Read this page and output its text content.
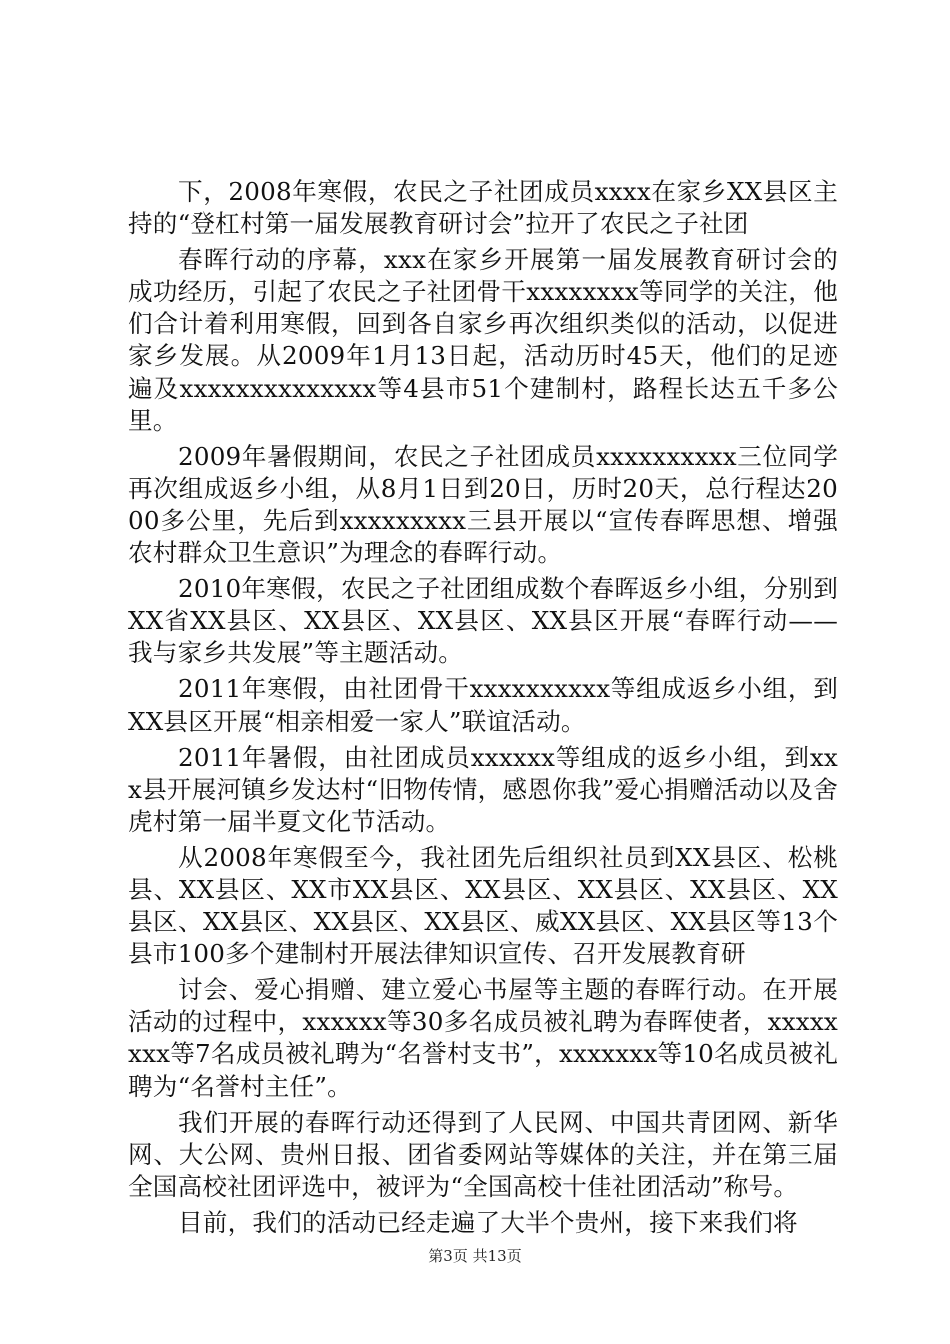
下，2008年寒假，农民之子社团成员xxxx在家乡XX县区主持的“登杠村第一届发展教育研讨会”拉开了农民之子社团

春晖行动的序幕，xxx在家乡开展第一届发展教育研讨会的成功经历，引起了农民之子社团骨干xxxxxxxx等同学的关注，他们合计着利用寒假，回到各自家乡再次组织类似的活动，以促进家乡发展。从2009年1月13日起，活动历时45天，他们的足迹遍及xxxxxxxxxxxxxx等4县市51个建制村，路程长达五千多公里。

2009年暑假期间，农民之子社团成员xxxxxxxxxx三位同学再次组成返乡小组，从8月1日到20日，历时20天，总行程达2000多公里，先后到xxxxxxxxx三县开展以“宣传春晖思想、增强农村群众卫生意识”为理念的春晖行动。

2010年寒假，农民之子社团组成数个春晖返乡小组，分别到XX省XX县区、XX县区、XX县区、XX县区开展“春晖行动——我与家乡共发展”等主题活动。

2011年寒假，由社团骨干xxxxxxxxxx等组成返乡小组，到XX县区开展“相亲相爱一家人”联谊活动。

2011年暑假，由社团成员xxxxxx等组成的返乡小组，到xxx县开展河镇乡发达村“旧物传情，感恩你我”爱心捐赠活动以及舍虎村第一届半夏文化节活动。

从2008年寒假至今，我社团先后组织社员到XX县区、松桃县、XX县区、XX市XX县区、XX县区、XX县区、XX县区、XX县区、XX县区、XX县区、XX县区、威XX县区、XX县区等13个县市100多个建制村开展法律知识宣传、召开发展教育研

讨会、爱心捐赠、建立爱心书屋等主题的春晖行动。在开展活动的过程中，xxxxxx等30多名成员被礼聘为春晖使者，xxxxxxxx等7名成员被礼聘为“名誉村支书”，xxxxxxx等10名成员被礼聘为“名誉村主任”。

我们开展的春晖行动还得到了人民网、中国共青团网、新华网、大公网、贵州日报、团省委网站等媒体的关注，并在第三届全国高校社团评选中，被评为“全国高校十佳社团活动”称号。

目前，我们的活动已经走遍了大半个贵州，接下来我们将

第3页 共13页
